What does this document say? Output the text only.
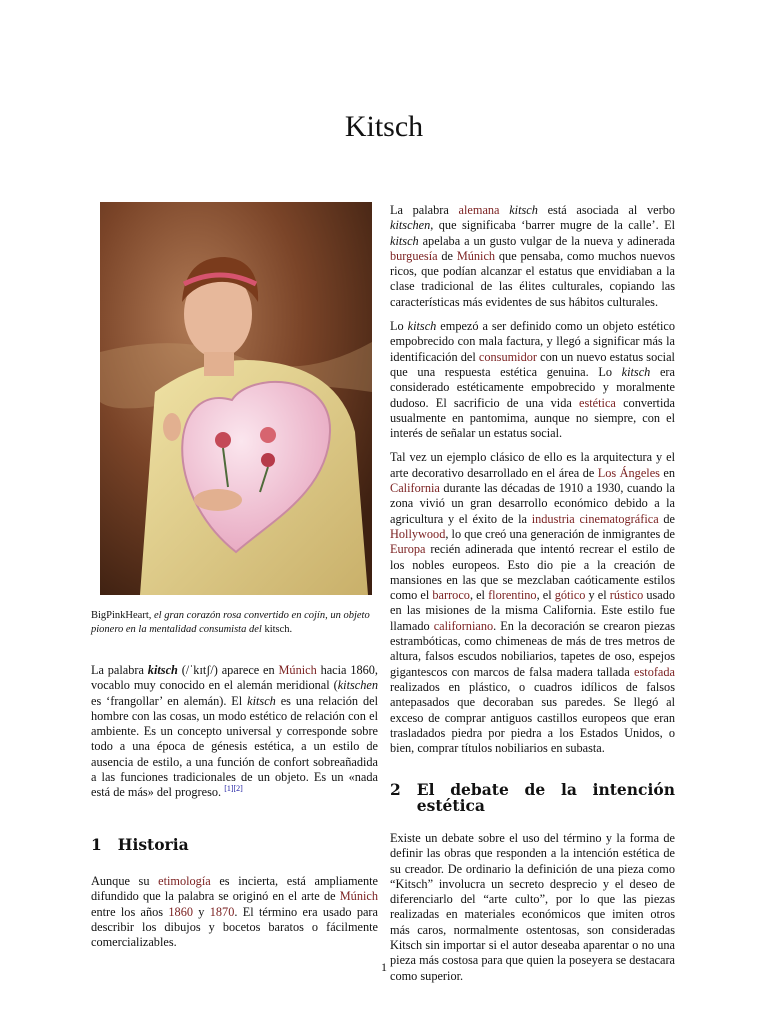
Kitsch
BigPinkHeart, el gran corazón rosa convertido en cojín, un objeto pionero en la mentalidad consumista del kitsch.

La palabra kitsch (/ˈkɪtʃ/) aparece en Múnich hacia 1860, vocablo muy conocido en el alemán meridional (kitschen es ‘frangollar’ en alemán). El kitsch es una relación del hombre con las cosas, un modo estético de relación con el ambiente. Es un concepto universal y corresponde sobre todo a una época de génesis estética, a un estilo de ausencia de estilo, a una función de confort sobreañadida a las funciones tradicionales de un objeto. Es un «nada está de más» del progreso. [1][2]

1 Historia

Aunque su etimología es incierta, está ampliamente difundido que la palabra se originó en el arte de Múnich entre los años 1860 y 1870. El término era usado para describir los dibujos y bocetos baratos o fácilmente comercializables.

La palabra alemana kitsch está asociada al verbo kitschen, que significaba ‘barrer mugre de la calle’. El kitsch apelaba a un gusto vulgar de la nueva y adinerada burguesía de Múnich que pensaba, como muchos nuevos ricos, que podían alcanzar el estatus que envidiaban a la clase tradicional de las élites culturales, copiando las características más evidentes de sus hábitos culturales.

Lo kitsch empezó a ser definido como un objeto estético empobrecido con mala factura, y llegó a significar más la identificación del consumidor con un nuevo estatus social que una respuesta estética genuina. Lo kitsch era considerado estéticamente empobrecido y moralmente dudoso. El sacrificio de una vida estética convertida usualmente en pantomima, aunque no siempre, con el interés de señalar un estatus social.

Tal vez un ejemplo clásico de ello es la arquitectura y el arte decorativo desarrollado en el área de Los Ángeles en California durante las décadas de 1910 a 1930, cuando la zona vivió un gran desarrollo económico debido a la agricultura y el éxito de la industria cinematográfica de Hollywood, lo que creó una generación de inmigrantes de Europa recién adinerada que intentó recrear el estilo de los nobles europeos. Esto dio pie a la creación de mansiones en las que se mezclaban caóticamente estilos como el barroco, el florentino, el gótico y el rústico usado en las misiones de la misma California. Este estilo fue llamado californiano. En la decoración se crearon piezas estrambóticas, como chimeneas de más de tres metros de altura, falsos escudos nobiliarios, tapetes de oso, espejos gigantescos con marcos de falsa madera tallada estofada realizados en plástico, o cuadros idílicos de falsos antepasados que decoraban sus paredes. Se llegó al exceso de comprar antiguos castillos europeos que eran trasladados piedra por piedra a los Estados Unidos, o bien, comprar títulos nobiliarios en subasta.

2 El debate de la intención estética

Existe un debate sobre el uso del término y la forma de definir las obras que responden a la intención estética de su creador. De ordinario la definición de una pieza como “Kitsch” involucra un secreto desprecio y el deseo de diferenciarlo del “arte culto”, por lo que las piezas realizadas en materiales económicos que imiten otros más caros, normalmente ostentosas, son consideradas Kitsch sin importar si el autor deseaba aparentar o no una pieza más costosa para que quien la poseyera se destacara como superior.

1
